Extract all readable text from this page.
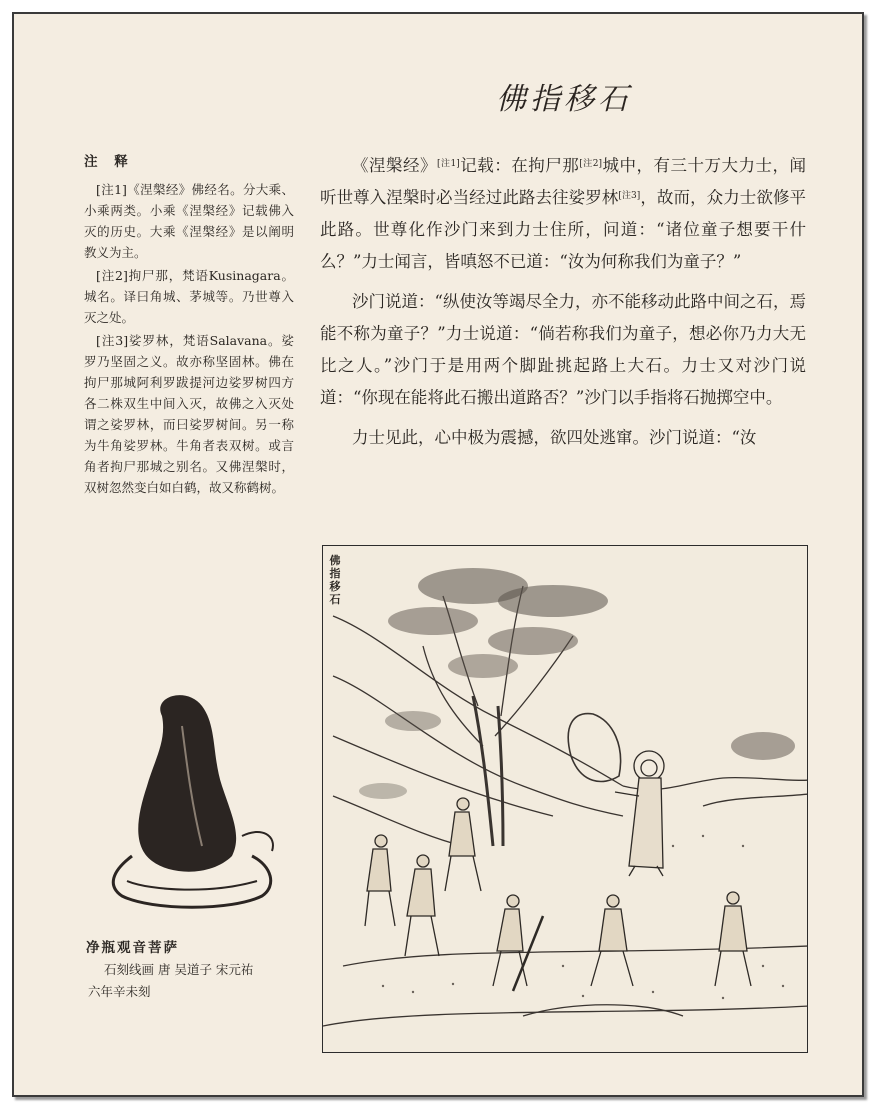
佛指移石
注 释

[注1]《涅槃经》佛经名。分大乘、小乘两类。小乘《涅槃经》记载佛入灭的历史。大乘《涅槃经》是以阐明教义为主。

[注2]拘尸那，梵语Kusinagara。城名。译曰角城、茅城等。乃世尊入灭之处。

[注3]娑罗林，梵语Salavana。娑罗乃坚固之义。故亦称坚固林。佛在拘尸那城阿利罗跋提河边娑罗树四方各二株双生中间入灭，故佛之入灭处谓之娑罗林，而曰娑罗树间。另一称为牛角娑罗林。牛角者表双树。或言角者拘尸那城之别名。又佛涅槃时，双树忽然变白如白鹤，故又称鹤树。

《涅槃经》[注1]记载：在拘尸那[注2]城中，有三十万大力士，闻听世尊入涅槃时必当经过此路去往娑罗林[注3]，故而，众力士欲修平此路。世尊化作沙门来到力士住所，问道：“诸位童子想要干什么？”力士闻言，皆嗔怒不已道：“汝为何称我们为童子？”

沙门说道：“纵使汝等竭尽全力，亦不能移动此路中间之石，焉能不称为童子？”力士说道：“倘若称我们为童子，想必你乃力大无比之人。”沙门于是用两个脚趾挑起路上大石。力士又对沙门说道：“你现在能将此石搬出道路否？”沙门以手指将石抛掷空中。

力士见此，心中极为震撼，欲四处逃窜。沙门说道：“汝

佛指移石
净瓶观音菩萨
石刻线画 唐 吴道子 宋元祐
六年辛未刻
